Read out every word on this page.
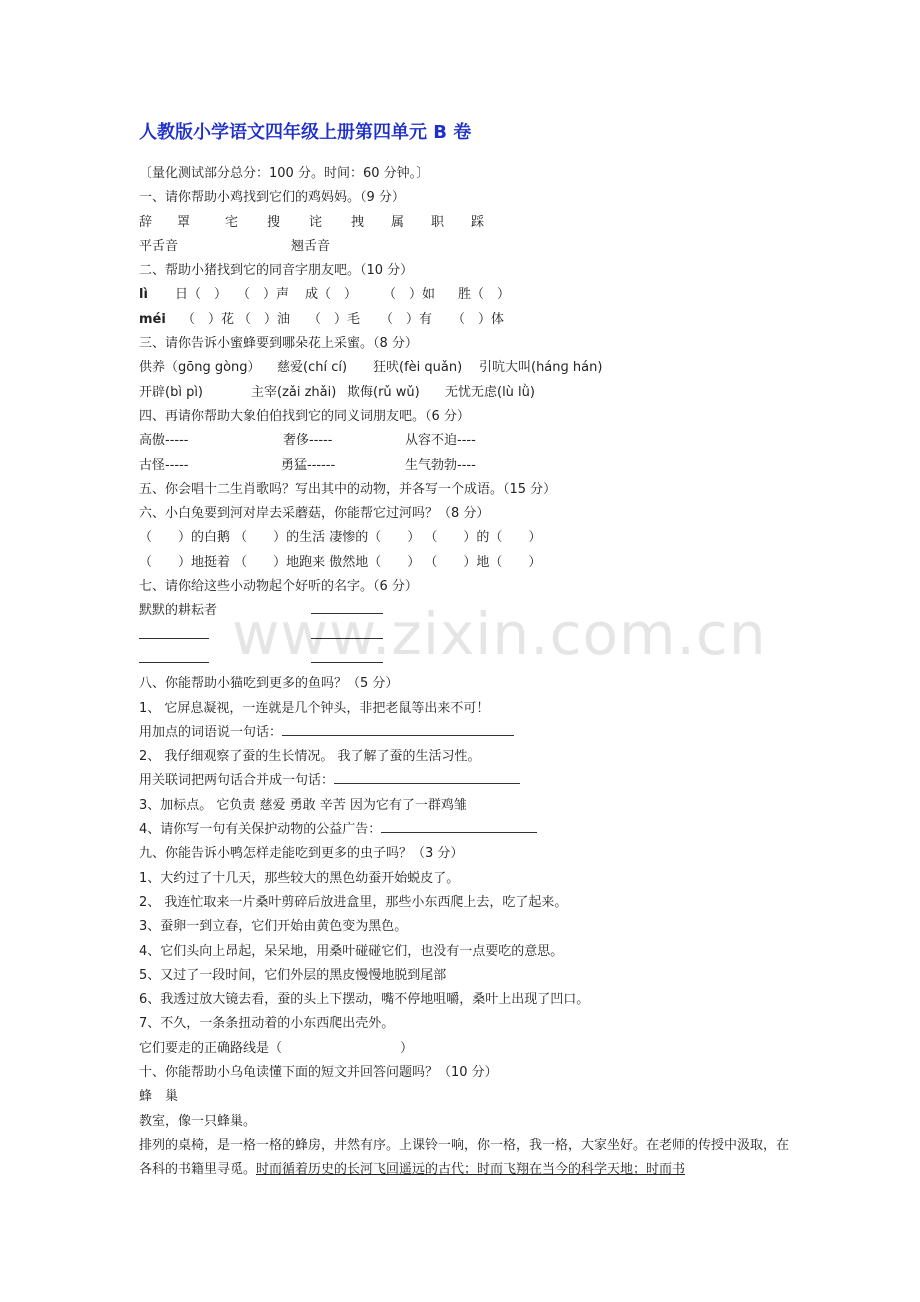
人教版小学语文四年级上册第四单元 B 卷
〔量化测试部分总分：100 分。时间：60 分钟。〕
一、请你帮助小鸡找到它们的鸡妈妈。（9 分）
辞 罩	宅 搜 诧 拽 属 职 踩
平舌音	翘舌音
二、帮助小猪找到它的同音字朋友吧。（10 分）
lì 日（　） （　）声 成（　） （　）如 胜（　）
méi （　）花 （　）油 （　）毛 （　）有 （　）体
三、请你告诉小蜜蜂要到哪朵花上采蜜。（8 分）
供养（gōng gòng） 慈爱(chí cí) 狂吠(fèi quǎn) 引吭大叫(hánɡ hán)
开辟(bì pì)	主宰(zǎi zhǎi) 欺侮(rǔ wǔ) 无忧无虑(lù lǜ)
四、再请你帮助大象伯伯找到它的同义词朋友吧。（6 分）
高傲-----	奢侈-----	从容不迫----
古怪-----	勇猛------	生气勃勃----
五、你会唱十二生肖歌吗？写出其中的动物，并各写一个成语。（15 分）
六、小白兔要到河对岸去采蘑菇，你能帮它过河吗？（8 分）
（　　）的白鹅 （　　）的生活 凄惨的（　　） （　　）的（　　）
（　　）地挺着 （　　）地跑来 傲然地（　　） （　　）地（　　）
七、请你给这些小动物起个好听的名字。（6 分）
默默的耕耘者
八、你能帮助小猫吃到更多的鱼吗？（5 分）
1、 它屏息凝视，一连就是几个钟头，非把老鼠等出来不可！
用加点的词语说一句话：
2、 我仔细观察了蚕的生长情况。 我了解了蚕的生活习性。
用关联词把两句话合并成一句话：
3、加标点。 它负责 慈爱 勇敢 辛苦 因为它有了一群鸡雏
4、请你写一句有关保护动物的公益广告：
九、你能告诉小鸭怎样走能吃到更多的虫子吗？（3 分）
1、大约过了十几天，那些较大的黑色幼蚕开始蜕皮了。
2、 我连忙取来一片桑叶剪碎后放进盒里，那些小东西爬上去，吃了起来。
3、蚕卵一到立春，它们开始由黄色变为黑色。
4、它们头向上昂起，呆呆地，用桑叶碰碰它们，也没有一点要吃的意思。
5、又过了一段时间，它们外层的黑皮慢慢地脱到尾部
6、我透过放大镜去看，蚕的头上下摆动，嘴不停地咀嚼，桑叶上出现了凹口。
7、不久，一条条扭动着的小东西爬出壳外。
它们要走的正确路线是（	）
十、你能帮助小乌龟读懂下面的短文并回答问题吗？（10 分）
蜂　巢
教室，像一只蜂巢。
排列的桌椅，是一格一格的蜂房，井然有序。上课铃一响，你一格，我一格，大家坐好。在老师的传授中汲取，在各科的书籍里寻觅。时而循着历史的长河飞回遥远的古代；时而飞翔在当今的科学天地；时而书
www.zixin.com.cn
